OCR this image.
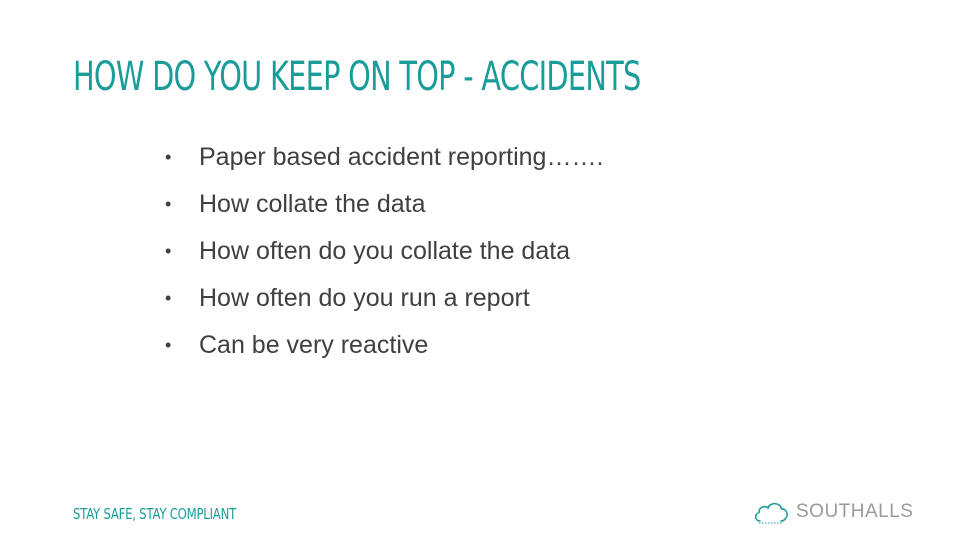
HOW DO YOU KEEP ON TOP - ACCIDENTS
•	Paper based accident reporting…….
•	How collate the data
•	How often do you collate the data
•	How often do you run a report
•	Can be very reactive
STAY SAFE, STAY COMPLIANT	SOUTHALLS
